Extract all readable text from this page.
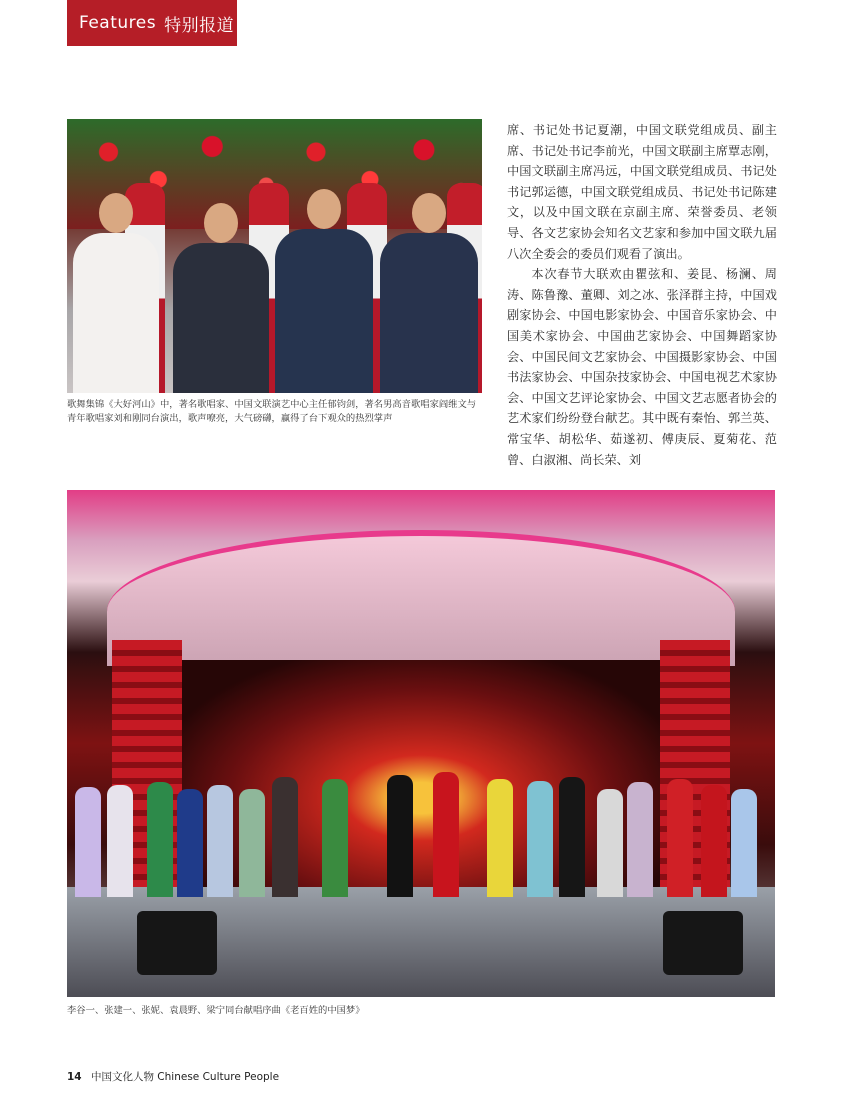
Features 特别报道
歌舞集锦《大好河山》中，著名歌唱家、中国文联演艺中心主任郁钧剑，著名男高音歌唱家阎维文与青年歌唱家刘和刚同台演出，歌声嘹亮，大气磅礴，赢得了台下观众的热烈掌声

席、书记处书记夏潮，中国文联党组成员、副主席、书记处书记李前光，中国文联副主席覃志刚，中国文联副主席冯远，中国文联党组成员、书记处书记郭运德，中国文联党组成员、书记处书记陈建文，以及中国文联在京副主席、荣誉委员、老领导、各文艺家协会知名文艺家和参加中国文联九届八次全委会的委员们观看了演出。

本次春节大联欢由瞿弦和、姜昆、杨澜、周涛、陈鲁豫、董卿、刘之冰、张泽群主持，中国戏剧家协会、中国电影家协会、中国音乐家协会、中国美术家协会、中国曲艺家协会、中国舞蹈家协会、中国民间文艺家协会、中国摄影家协会、中国书法家协会、中国杂技家协会、中国电视艺术家协会、中国文艺评论家协会、中国文艺志愿者协会的艺术家们纷纷登台献艺。其中既有秦怡、郭兰英、常宝华、胡松华、茹遂初、傅庚辰、夏菊花、范曾、白淑湘、尚长荣、刘

李谷一、张建一、张妮、袁晨野、梁宁同台献唱序曲《老百姓的中国梦》
14 中国文化人物 Chinese Culture People
